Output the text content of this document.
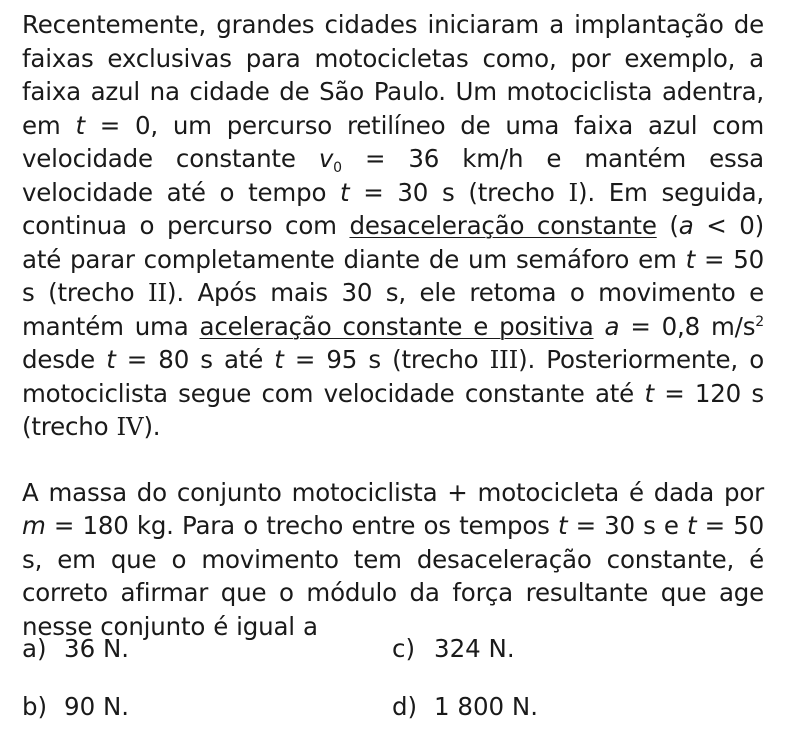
Recentemente, grandes cidades iniciaram a implantação de faixas exclusivas para motocicletas como, por exemplo, a faixa azul na cidade de São Paulo. Um motociclista adentra, em t = 0, um percurso retilíneo de uma faixa azul com velocidade constante $v_0 = 36$ km/h e mantém essa velocidade até o tempo t = 30 s (trecho I). Em seguida, continua o percurso com desaceleração constante (a < 0) até parar completamente diante de um semáforo em t = 50 s (trecho II). Após mais 30 s, ele retoma o movimento e mantém uma aceleração constante e positiva a = 0,8 $m/s^2$ desde t = 80 s até t = 95 s (trecho III). Posteriormente, o motociclista segue com velocidade constante até t = 120 s (trecho IV).

A massa do conjunto motociclista + motocicleta é dada por m = 180 kg. Para o trecho entre os tempos t = 30 s e t = 50 s, em que o movimento tem desaceleração constante, é correto afirmar que o módulo da força resultante que age nesse conjunto é igual a

a) 36 N.	c) 324 N.
b) 90 N.	d) 1 800 N.
